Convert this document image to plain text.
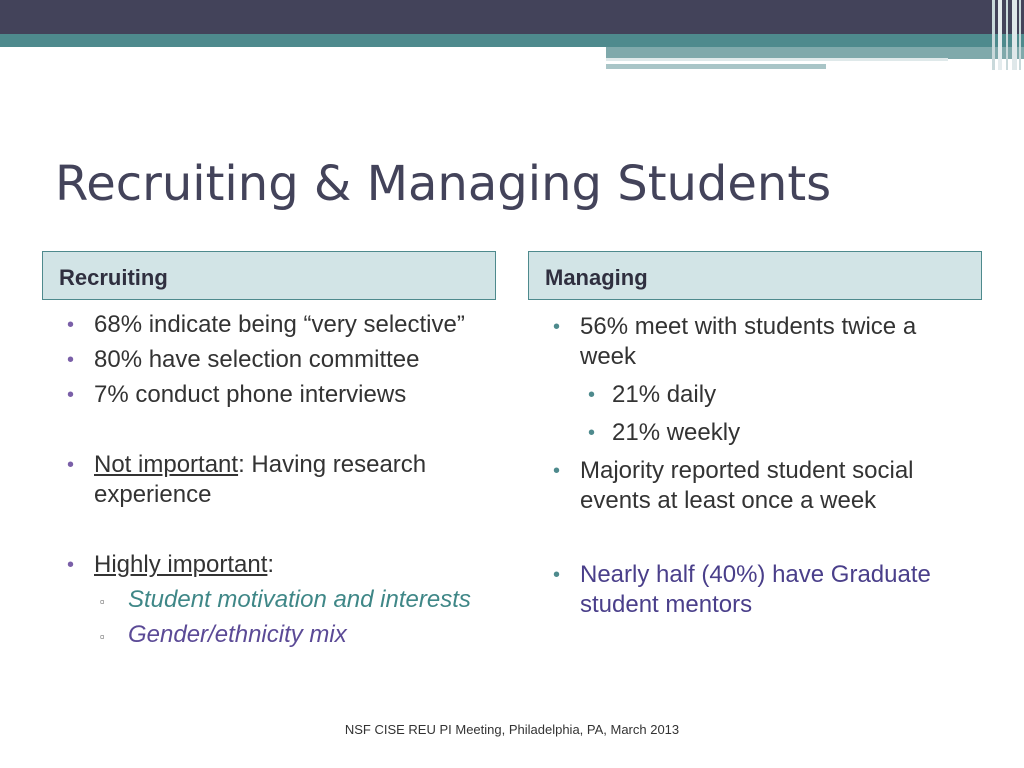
Recruiting & Managing Students
Recruiting	Managing
• 68% indicate being “very selective”
• 80% have selection committee
• 7% conduct phone interviews
• Not important: Having research experience
• Highly important:
▫ Student motivation and interests
▫ Gender/ethnicity mix
• 56% meet with students twice a week
• 21% daily
• 21% weekly
• Majority reported student social events at least once a week
• Nearly half (40%) have Graduate student mentors
NSF CISE REU PI Meeting, Philadelphia, PA, March 2013
